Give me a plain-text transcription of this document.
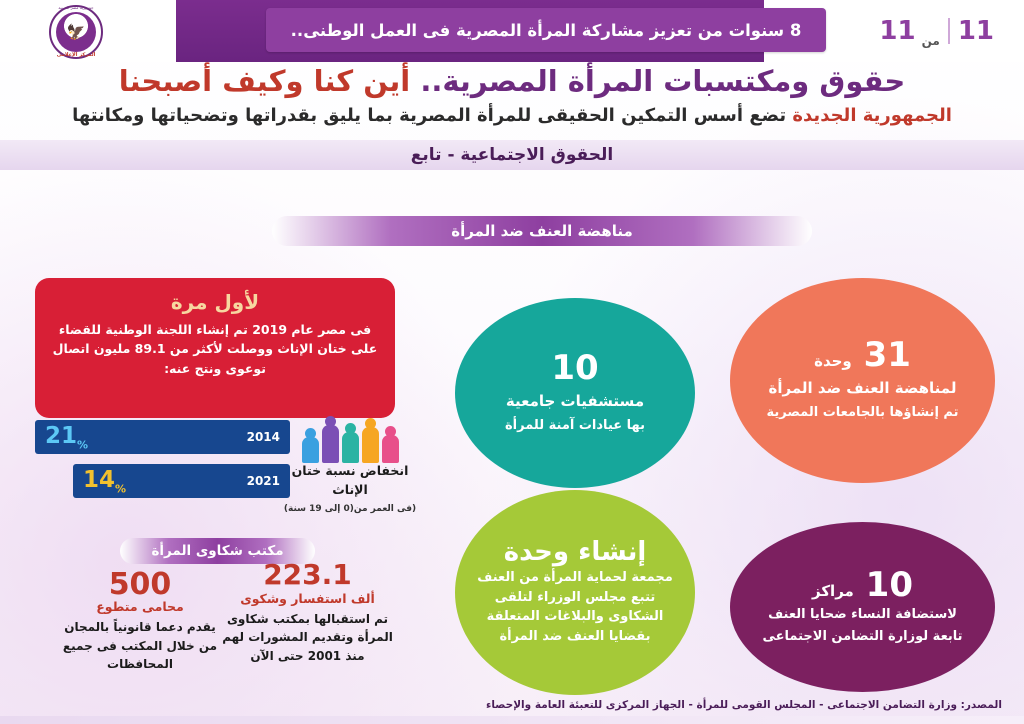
جمهورية مصر العربية
🦅
المركز الإعلامى
8 سنوات من تعزيز مشاركة المرأة المصرية فى العمل الوطنى..	11
من
11
حقوق ومكتسبات المرأة المصرية.. أين كنا وكيف أصبحنا
الجمهورية الجديدة تضع أسس التمكين الحقيقى للمرأة المصرية بما يليق بقدراتها وتضحياتها ومكانتها
الحقوق الاجتماعية - تابع
مناهضة العنف ضد المرأة
لأول مرة
فى مصر عام 2019 تم إنشاء اللجنة الوطنية للقضاء على ختان الإناث ووصلت لأكثر من 89.1 مليون اتصال توعوى ونتج عنه:
2014
$21_{\%}$
2021
$14_{\%}$
انخفاض نسبة ختان الإناث
(فى العمر من(0 إلى 19 سنة)
مكتب شكاوى المرأة
500
محامى متطوع
يقدم دعما قانونياً بالمجان من خلال المكتب فى جميع المحافظات
223.1
ألف استفسار وشكوى
تم استقبالها بمكتب شكاوى المرأة وتقديم المشورات لهم منذ 2001 حتى الآن
10
مستشفيات جامعية
بها عيادات آمنة للمرأة
31 وحدة
لمناهضة العنف ضد المرأة
تم إنشاؤها بالجامعات المصرية
إنشاء وحدة
مجمعة لحماية المرأة من العنف تتبع مجلس الوزراء لتلقى الشكاوى والبلاغات المتعلقة بقضايا العنف ضد المرأة
10 مراكز
لاستضافة النساء ضحايا العنف
تابعة لوزارة التضامن الاجتماعى
المصدر: وزارة التضامن الاجتماعى - المجلس القومى للمرأة - الجهاز المركزى للتعبئة العامة والإحصاء
